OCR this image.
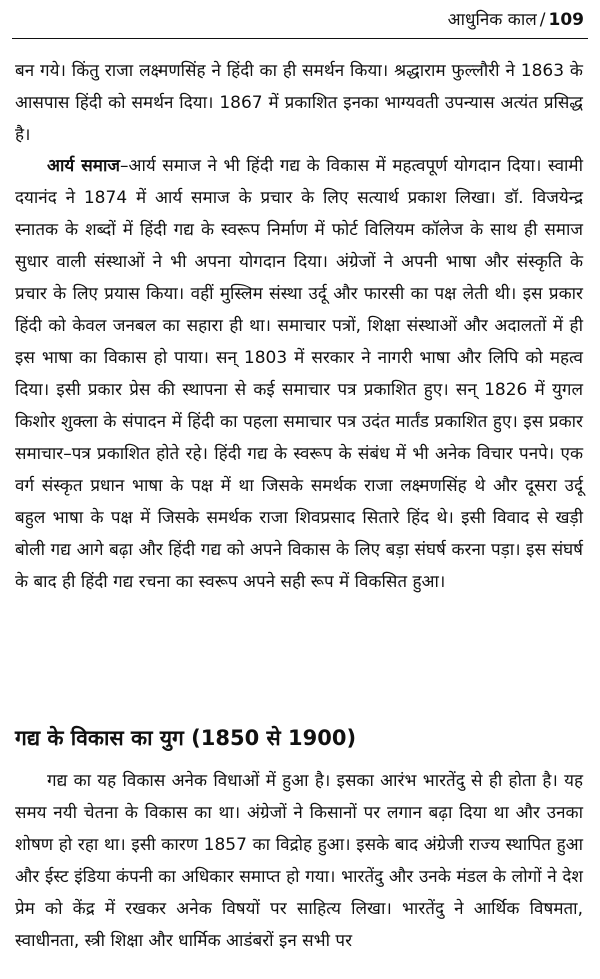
आधुनिक काल / 109

बन गये। किंतु राजा लक्ष्मणसिंह ने हिंदी का ही समर्थन किया। श्रद्धाराम फुल्लौरी ने 1863 के आसपास हिंदी को समर्थन दिया। 1867 में प्रकाशित इनका भाग्यवती उपन्यास अत्यंत प्रसिद्ध है।

आर्य समाज–आर्य समाज ने भी हिंदी गद्य के विकास में महत्वपूर्ण योगदान दिया। स्वामी दयानंद ने 1874 में आर्य समाज के प्रचार के लिए सत्यार्थ प्रकाश लिखा। डॉ. विजयेन्द्र स्नातक के शब्दों में हिंदी गद्य के स्वरूप निर्माण में फोर्ट विलियम कॉलेज के साथ ही समाज सुधार वाली संस्थाओं ने भी अपना योगदान दिया। अंग्रेजों ने अपनी भाषा और संस्कृति के प्रचार के लिए प्रयास किया। वहीं मुस्लिम संस्था उर्दू और फारसी का पक्ष लेती थी। इस प्रकार हिंदी को केवल जनबल का सहारा ही था। समाचार पत्रों, शिक्षा संस्थाओं और अदालतों में ही इस भाषा का विकास हो पाया। सन् 1803 में सरकार ने नागरी भाषा और लिपि को महत्व दिया। इसी प्रकार प्रेस की स्थापना से कई समाचार पत्र प्रकाशित हुए। सन् 1826 में युगल किशोर शुक्ला के संपादन में हिंदी का पहला समाचार पत्र उदंत मार्तंड प्रकाशित हुए। इस प्रकार समाचार–पत्र प्रकाशित होते रहे। हिंदी गद्य के स्वरूप के संबंध में भी अनेक विचार पनपे। एक वर्ग संस्कृत प्रधान भाषा के पक्ष में था जिसके समर्थक राजा लक्ष्मणसिंह थे और दूसरा उर्दू बहुल भाषा के पक्ष में जिसके समर्थक राजा शिवप्रसाद सितारे हिंद थे। इसी विवाद से खड़ी बोली गद्य आगे बढ़ा और हिंदी गद्य को अपने विकास के लिए बड़ा संघर्ष करना पड़ा। इस संघर्ष के बाद ही हिंदी गद्य रचना का स्वरूप अपने सही रूप में विकसित हुआ।

गद्य के विकास का युग (1850 से 1900)

गद्य का यह विकास अनेक विधाओं में हुआ है। इसका आरंभ भारतेंदु से ही होता है। यह समय नयी चेतना के विकास का था। अंग्रेजों ने किसानों पर लगान बढ़ा दिया था और उनका शोषण हो रहा था। इसी कारण 1857 का विद्रोह हुआ। इसके बाद अंग्रेजी राज्य स्थापित हुआ और ईस्ट इंडिया कंपनी का अधिकार समाप्त हो गया। भारतेंदु और उनके मंडल के लोगों ने देश प्रेम को केंद्र में रखकर अनेक विषयों पर साहित्य लिखा। भारतेंदु ने आर्थिक विषमता, स्वाधीनता, स्त्री शिक्षा और धार्मिक आडंबरों इन सभी पर
